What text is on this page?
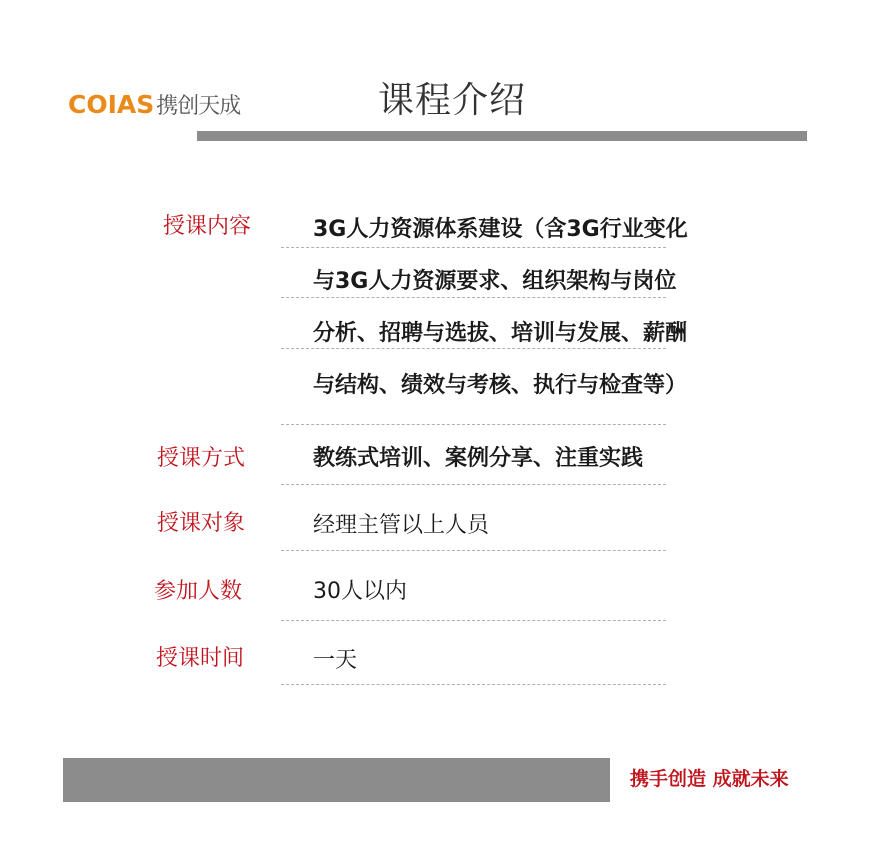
COIAS 携创天成	课程介绍
授课内容	3G人力资源体系建设（含3G行业变化
与3G人力资源要求、组织架构与岗位
分析、招聘与选拔、培训与发展、薪酬
与结构、绩效与考核、执行与检查等）
授课方式	教练式培训、案例分享、注重实践
授课对象	经理主管以上人员
参加人数	30人以内
授课时间	一天
携手创造 成就未来
